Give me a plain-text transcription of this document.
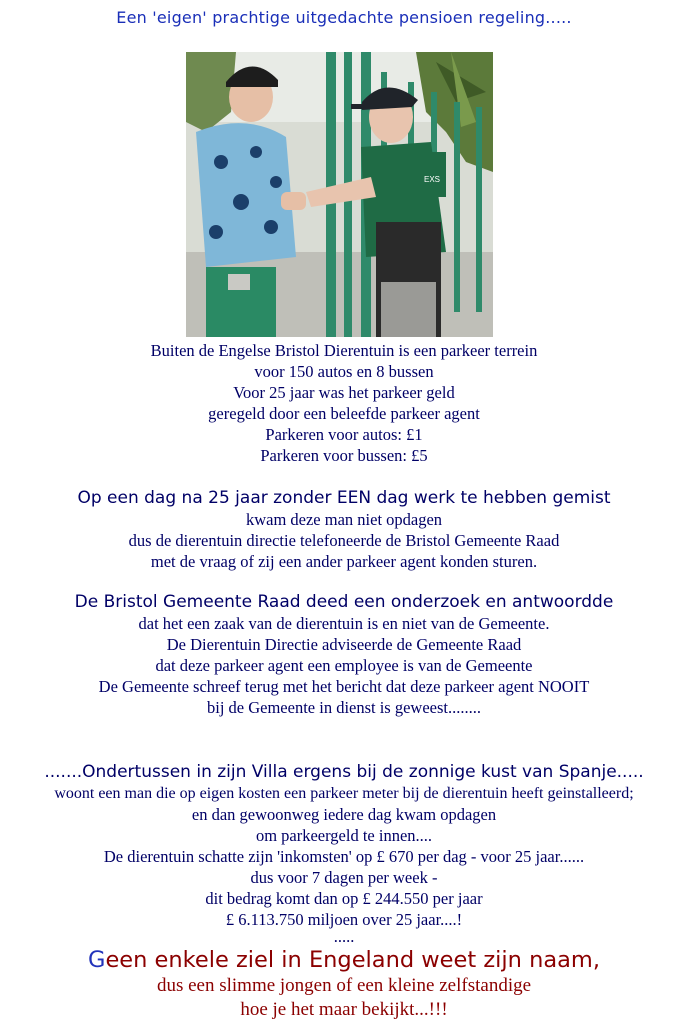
Een 'eigen' prachtige uitgedachte pensioen regeling.....
EXS
Buiten de Engelse Bristol Dierentuin is een parkeer terrein
voor 150 autos en 8 bussen
Voor 25 jaar was het parkeer geld
geregeld door een beleefde parkeer agent
Parkeren voor autos: £1
Parkeren voor bussen: £5
Op een dag na 25 jaar zonder EEN dag werk te hebben gemist
kwam deze man niet opdagen
dus de dierentuin directie telefoneerde de Bristol Gemeente Raad
met de vraag of zij een ander parkeer agent konden sturen.
De Bristol Gemeente Raad deed een onderzoek en antwoordde
dat het een zaak van de dierentuin is en niet van de Gemeente.
De Dierentuin Directie adviseerde de Gemeente Raad
dat deze parkeer agent een employee is van de Gemeente
De Gemeente schreef terug met het bericht dat deze parkeer agent NOOIT
bij de Gemeente in dienst is geweest........
.......Ondertussen in zijn Villa ergens bij de zonnige kust van Spanje.....
woont een man die op eigen kosten een parkeer meter bij de dierentuin heeft geinstalleerd;
en dan gewoonweg iedere dag kwam opdagen
om parkeergeld te innen....
De dierentuin schatte zijn 'inkomsten' op £ 670 per dag - voor 25 jaar......
dus voor 7 dagen per week -
dit bedrag komt dan op £ 244.550 per jaar
£ 6.113.750 miljoen over 25 jaar....!
.....
Geen enkele ziel in Engeland weet zijn naam,
dus een slimme jongen of een kleine zelfstandige
hoe je het maar bekijkt...!!!
